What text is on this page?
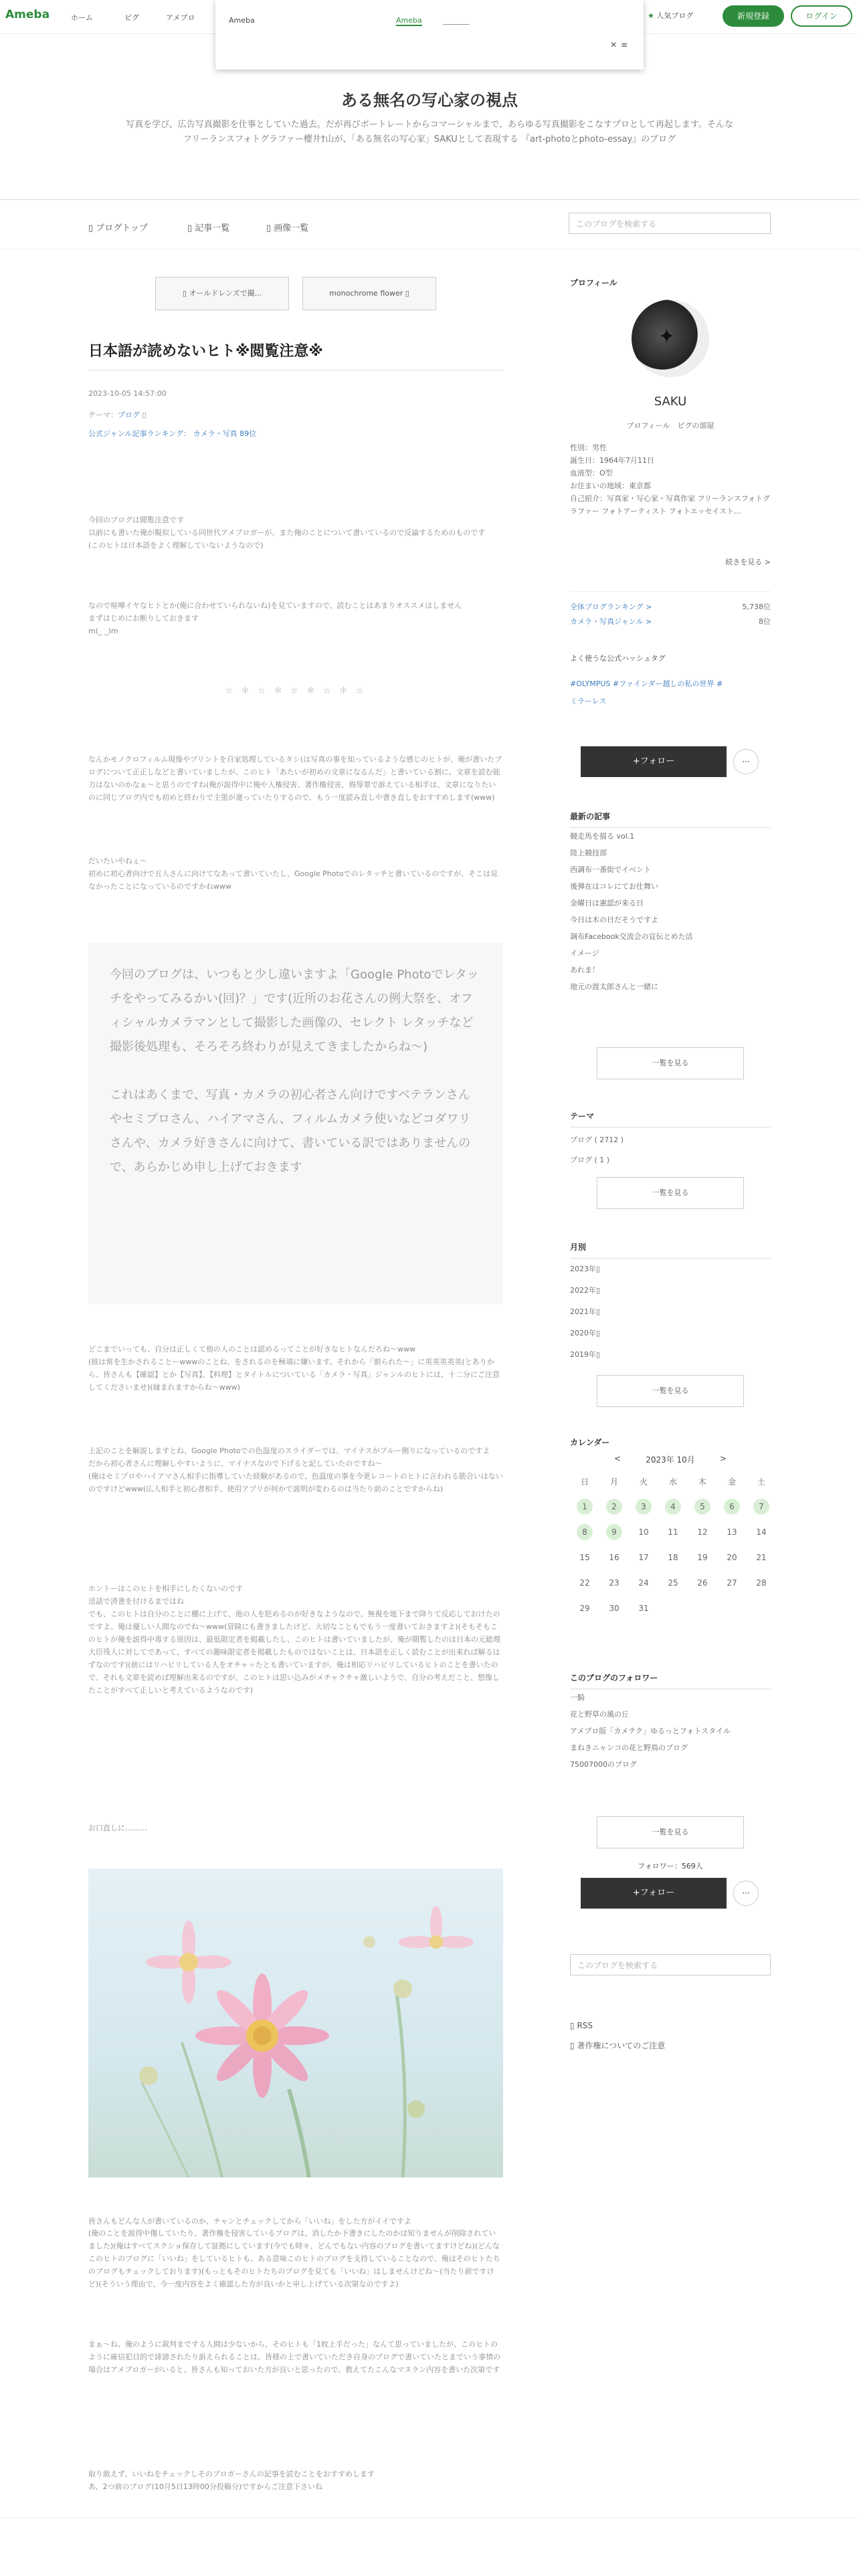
Ameba	ホーム	ピグ	アメブロ	★ 人気ブログ	新規登録	ログイン
Ameba	Ameba
✕ ≡
ある無名の写心家の視点
写真を学び、広告写真撮影を仕事としていた過去。だが再びポートレートからコマーシャルまで、あらゆる写真撮影をこなすプロとして再起します。そんな
フリーランスフォトグラファー櫻井†山が、「ある無名の写心家」SAKUとして表現する 『art-photoとphoto-essay』のブログ
▯ ブログトップ	▯ 記事一覧	▯ 画像一覧	このブログを検索する
▯ オールドレンズで撮...	monochrome flower ▯
日本語が読めないヒト※閲覧注意※
2023-10-05 14:57:00
テーマ：ブログ ▯
公式ジャンル記事ランキング： カメラ・写真 89位
今回のブログは閲覧注意です
以前にも書いた俺が擬似している同世代アメブロガーが、また俺のことについて書いているので反論するためのものです
(このヒトは日本語をよく理解していないようなので)
なので喧嘩イヤなヒトとか(俺に合わせていられないね)を見ていますので、読むことはあまりオススメはしません
まずはじめにお断りしておきます
m(_ _)m
☆ ＊ ☆ ＊ ☆ ＊ ☆ ＊ ☆
なんかモノクロフィルム現像やプリントを自家処理しているタシ(は写真の事を知っているような感じのヒトが、俺が書いたブログについて正正しなどと書いていましたが、このヒト「あたいが初めの文章になるんだ」と書いている割に、文章を読む能力はないのかなぁ〜と思うのですね(俺が説得中に俺や入権侵害、著作権侵害、侮辱罪で訴えている相手は、文章になりたいのに同じブログ内でも初めと終わりで主張が違っていたりするので、もう一度読み直しや書き直しをおすすめします(www)
だいたいやねぇ〜
初めに初心者向けで五人さんに向けてなあって書いていたし、Google Photoでのレタッチと書いているのですが、そこは見なかったことになっているのですかねwww
今回のブログは、いつもと少し違いますよ「Google Photoでレタッチをやってみるかい(回)？」です(近所のお花さんの例大祭を、オフィシャルカメラマンとして撮影した画像の、セレクト レタッチなど撮影後処理も、そろそろ終わりが見えてきましたからね〜)
これはあくまで、写真・カメラの初心者さん向けですベテランさんやセミプロさん、ハイアマさん、フィルムカメラ使いなどコダワリさんや、カメラ好きさんに向けて、書いている訳ではありませんので、あらかじめ申し上げておきます
どこまでいっても、自分は正しくて他の人のことは認めるってことが好きなヒトなんだろね〜www
(彼は常を生かされることーwwwのことね、をされるのを極端に嫌います。それから「割られた〜」に英英英英英(とありから、皆さんも【確認】とか【写真】、【料理】とタイトルについている「カメラ・写真」ジャンルのヒトには、十二分にご注意してくださいませ)(縁まれますからね〜www)
上記のことを解説しますとね、Google Photoでの色温度のスライダーでは、マイナスがブルー側りになっているのですよ
だから初心者さんに理解しやすいように、マイナスなので下げると記していたのですね〜
(俺はセミプロやハイアマさん相手に指導していた経験があるので、色温度の事を今更レコートのヒトに言われる筋合いはないのですけどwww(広人相手と初心者相手、使用アプリが何かで説明が変わるのは当たり前のことですからね)
ホントーはこのヒトを相手にしたくないのです
送話で済書を付けるまではね
でも、このヒトは自分のことに棚に上げて、他の人を貶めるのが好きなようなので、無視を地下まで降りて反応しておけたのですよ。俺は優しい人間なのでね〜www(冒険にも書きましたけど、大切なこともでもう一度書いておきますよ)(そもそもこのヒトが俺を説得中毒する原因は、最低限定者を掲載したし、このヒトは書いていましたが、俺が閲覧したのは日本の元総理大臣残人に対してであって、すべての趣味限定者を掲載したものではないことは、日本語を正しく読むことが出来れば解るはずなのです)(前にはリハビリしている人をオチャッたとも書いていますが、俺は相応リハビリしているヒトのことを書いたので、それも文章を読めば理解出来るのですが、このヒトは思い込みがメチャクチャ激しいようで、自分の考えだこと、想像したことがすべて正しいと考えているようなのです)
お口直しに………
皆さんもどんな人が書いているのか、チャンとチェックしてから「いいね」をした方がイイですよ
(俺のことを説得中傷していたり、著作権を侵害しているブログは、消したか下書きにしたのかは知りませんが削除されていました)(俺はすべてスクショ保存して証拠にしています(今でも時々、どんでもない内容のブログを書いてますけどね)(どんなこのヒトのブログに「いいね」をしているヒトも、ある意味このヒトのブログを支持していることなので、俺はそのヒトたちのブログもチェックしております)(もっともそのヒトたちのブログを見ても「いいね」はしませんけどね〜(当たり前ですけど)(そういう理由で、今一度内容をよく確認した方が良いかと申し上げている次第なのですよ)
まぁ〜ね、俺のように裁判までする人間は少ないから、そのヒトも「1枚上手だった」なんて思っていましたが、このヒトのように確信犯目的で誹謗されたり訴えられることは、皆様の上で書いていただき自身のブログで書いていたとまでいう事情の場合はアメブロガーがいると、皆さんも知っておいた方が良いと思ったので、教えてたこんなマヌラン内容を書いた次第です
取り敢えず、いいねをチェックしそのブロガーさんの記事を読むことをおすすめします
あ、2つ前のブログ(10月5日13時00分投稿分)ですからご注意下さいね
プロフィール
✦
SAKU
プロフィール　ピグの部屋
性別：男性
誕生日：1964年7月11日
血液型：O型
お住まいの地域：東京都
自己紹介：写真家・写心家・写真作家 フリーランスフォトグラファー フォトアーティスト フォトエッセイスト...
続きを見る >
全体ブログランキング >	5,738位
カメラ・写真ジャンル >	8位
よく使うな公式ハッシュタグ
#OLYMPUS #ファインダー越しの私の世界 #
ミラーレス
+フォロー	···
最新の記事
競走馬を描る vol.1
陸上競技部
西調布一番街でイベント
後弾在はコレにてお仕舞い
金曜日は憲認が来る日
今日は木の日だそうですよ
調布Facebook交流会の宣伝とめた活
イメージ
あれま！
地元の渡太郎さんと一緒に
一覧を見る
テーマ
ブログ ( 2712 )
ブログ ( 1 )
一覧を見る
月別
2023年▯
2022年▯
2021年▯
2020年▯
2019年▯
一覧を見る
カレンダー
<	2023年 10月	>
日	月	火	水	木	金	土
1	2	3	4	5	6	7
8	9	10	11	12	13	14
15	16	17	18	19	20	21
22	23	24	25	26	27	28
29	30	31				
このブログのフォロワー
一騎
花と野草の風の丘
アメブロ版「カメテク」ゆるっとフォトスタイル
まねきニャンコの花と野鳥のブログ
75007000のブログ
一覧を見る
フォロワー：569人
+フォロー	···
このブログを検索する
▯ RSS
▯ 著作権についてのご注意
